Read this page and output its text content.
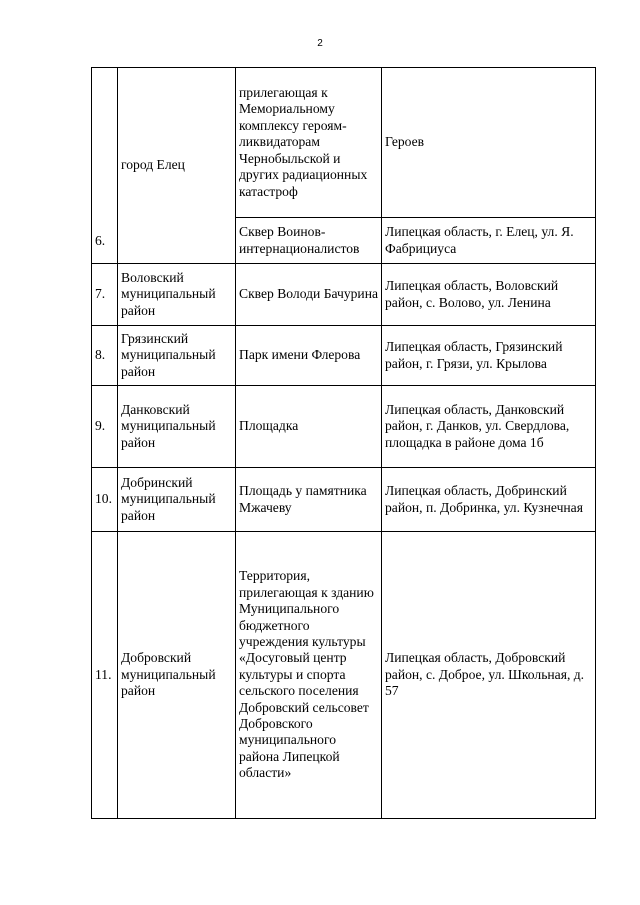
2
6.	город Елец	прилегающая к Мемориальному комплексу героям-ликвидаторам Чернобыльской и других радиационных катастроф	Героев

		Сквер Воинов-интернационалистов	Липецкая область, г. Елец, ул. Я. Фабрициуса

7.	Воловский муниципальный район	Сквер Володи Бачурина	Липецкая область, Воловский район, с. Волово, ул. Ленина

8.	Грязинский муниципальный район	Парк имени Флерова	Липецкая область, Грязинский район, г. Грязи, ул. Крылова

9.	Данковский муниципальный район	Площадка	Липецкая область, Данковский район, г. Данков, ул. Свердлова, площадка в районе дома 1б

10.	Добринский муниципальный район	Площадь у памятника Мжачеву	Липецкая область, Добринский район, п. Добринка, ул. Кузнечная

11.	Добровский муниципальный район	Территория, прилегающая к зданию Муниципального бюджетного учреждения культуры «Досуговый центр культуры и спорта сельского поселения Добровский сельсовет Добровского муниципального района Липецкой области»	Липецкая область, Добровский район, с. Доброе, ул. Школьная, д. 57
